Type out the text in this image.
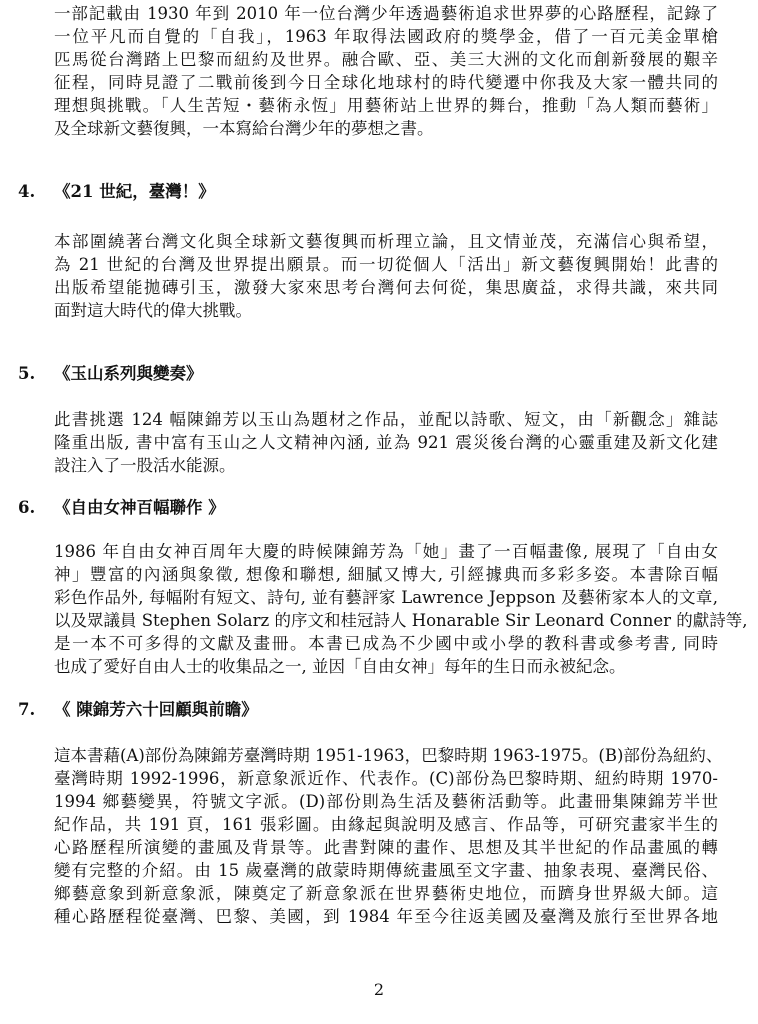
一部記載由 1930 年到 2010 年一位台灣少年透過藝術追求世界夢的心路歷程，記錄了
一位平凡而自覺的「自我」，1963 年取得法國政府的獎學金，借了一百元美金單槍
匹馬從台灣踏上巴黎而紐約及世界。融合歐、亞、美三大洲的文化而創新發展的艱辛
征程，同時見證了二戰前後到今日全球化地球村的時代變遷中你我及大家一體共同的
理想與挑戰。「人生苦短・藝術永恆」用藝術站上世界的舞台，推動「為人類而藝術」
及全球新文藝復興，一本寫給台灣少年的夢想之書。
4. 《21 世紀，臺灣！》
本部圍繞著台灣文化與全球新文藝復興而析理立論，且文情並茂，充滿信心與希望，
為 21 世紀的台灣及世界提出願景。而一切從個人「活出」新文藝復興開始！此書的
出版希望能拋磚引玉，激發大家來思考台灣何去何從，集思廣益，求得共識，來共同
面對這大時代的偉大挑戰。
5. 《玉山系列與變奏》
此書挑選 124 幅陳錦芳以玉山為題材之作品，並配以詩歌、短文，由「新觀念」雜誌
隆重出版, 書中富有玉山之人文精神內涵, 並為 921 震災後台灣的心靈重建及新文化建
設注入了一股活水能源。
6. 《自由女神百幅聯作 》
1986 年自由女神百周年大慶的時候陳錦芳為「她」畫了一百幅畫像, 展現了「自由女
神」豐富的內涵與象徵, 想像和聯想, 細膩又博大, 引經據典而多彩多姿。本書除百幅
彩色作品外, 每幅附有短文、詩句, 並有藝評家 Lawrence Jeppson 及藝術家本人的文章,
以及眾議員 Stephen Solarz 的序文和桂冠詩人 Honarable Sir Leonard Conner 的獻詩等,
是一本不可多得的文獻及畫冊。本書已成為不少國中或小學的教科書或參考書, 同時
也成了愛好自由人士的收集品之一, 並因「自由女神」每年的生日而永被紀念。
7. 《 陳錦芳六十回顧與前瞻》
這本書藉(A)部份為陳錦芳臺灣時期 1951-1963，巴黎時期 1963-1975。(B)部份為紐約、
臺灣時期 1992-1996，新意象派近作、代表作。(C)部份為巴黎時期、紐約時期 1970-
1994 鄉藝變異，符號文字派。(D)部份則為生活及藝術活動等。此畫冊集陳錦芳半世
紀作品，共 191 頁，161 張彩圖。由緣起與說明及感言、作品等，可研究畫家半生的
心路歷程所演變的畫風及背景等。此書對陳的畫作、思想及其半世紀的作品畫風的轉
變有完整的介紹。由 15 歲臺灣的啟蒙時期傳統畫風至文字畫、抽象表現、臺灣民俗、
鄉藝意象到新意象派，陳奠定了新意象派在世界藝術史地位，而躋身世界級大師。這
種心路歷程從臺灣、巴黎、美國，到 1984 年至今往返美國及臺灣及旅行至世界各地
2
